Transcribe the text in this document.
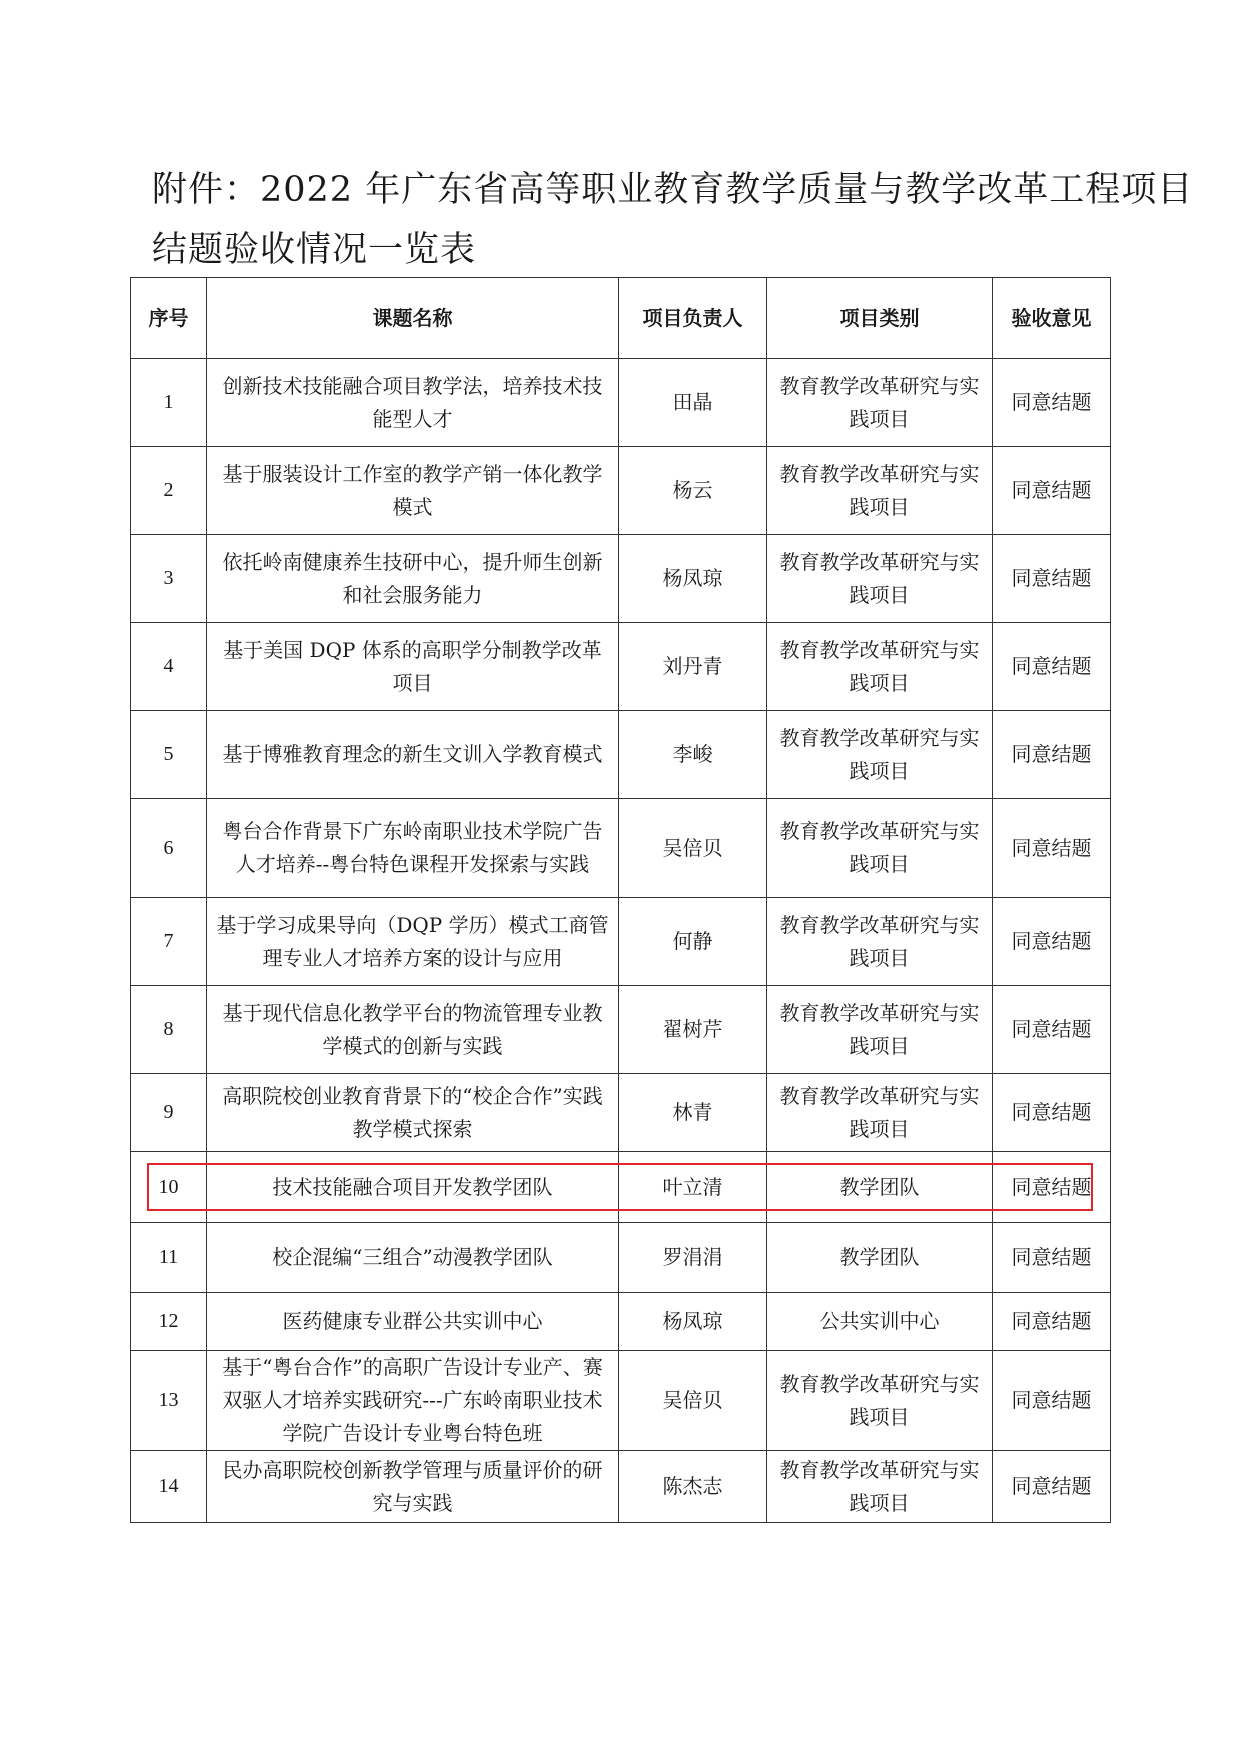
附件：2022 年广东省高等职业教育教学质量与教学改革工程项目
结题验收情况一览表
序号	课题名称	项目负责人	项目类别	验收意见
1	创新技术技能融合项目教学法，培养技术技能型人才	田晶	教育教学改革研究与实践项目	同意结题
2	基于服装设计工作室的教学产销一体化教学模式	杨云	教育教学改革研究与实践项目	同意结题
3	依托岭南健康养生技研中心，提升师生创新和社会服务能力	杨凤琼	教育教学改革研究与实践项目	同意结题
4	基于美国 DQP 体系的高职学分制教学改革项目	刘丹青	教育教学改革研究与实践项目	同意结题
5	基于博雅教育理念的新生文训入学教育模式	李峻	教育教学改革研究与实践项目	同意结题
6	粤台合作背景下广东岭南职业技术学院广告人才培养--粤台特色课程开发探索与实践	吴倍贝	教育教学改革研究与实践项目	同意结题
7	基于学习成果导向（DQP 学历）模式工商管理专业人才培养方案的设计与应用	何静	教育教学改革研究与实践项目	同意结题
8	基于现代信息化教学平台的物流管理专业教学模式的创新与实践	翟树芹	教育教学改革研究与实践项目	同意结题
9	高职院校创业教育背景下的“校企合作”实践教学模式探索	林青	教育教学改革研究与实践项目	同意结题
10	技术技能融合项目开发教学团队	叶立清	教学团队	同意结题
11	校企混编“三组合”动漫教学团队	罗涓涓	教学团队	同意结题
12	医药健康专业群公共实训中心	杨凤琼	公共实训中心	同意结题
13	基于“粤台合作”的高职广告设计专业产、赛双驱人才培养实践研究---广东岭南职业技术学院广告设计专业粤台特色班	吴倍贝	教育教学改革研究与实践项目	同意结题
14	民办高职院校创新教学管理与质量评价的研究与实践	陈杰志	教育教学改革研究与实践项目	同意结题
